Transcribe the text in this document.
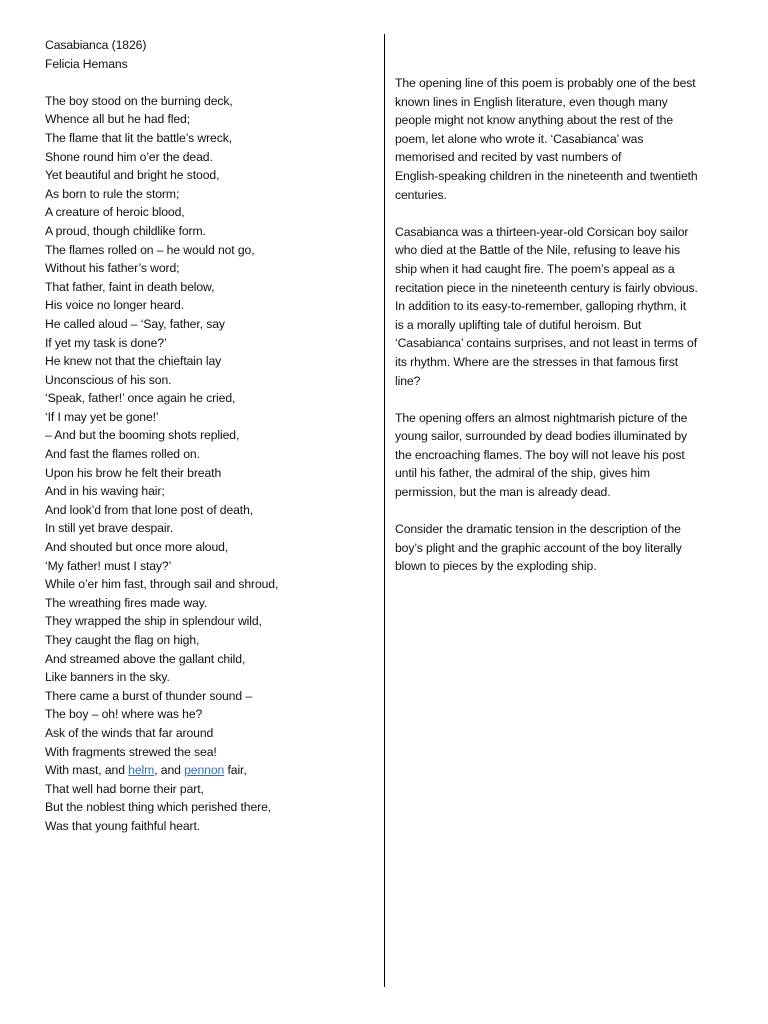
Casabianca (1826)
Felicia Hemans
The boy stood on the burning deck,
Whence all but he had fled;
The flame that lit the battle’s wreck,
Shone round him o’er the dead.
Yet beautiful and bright he stood,
As born to rule the storm;
A creature of heroic blood,
A proud, though childlike form.
The flames rolled on – he would not go,
Without his father’s word;
That father, faint in death below,
His voice no longer heard.
He called aloud – ‘Say, father, say
If yet my task is done?’
He knew not that the chieftain lay
Unconscious of his son.
‘Speak, father!’ once again he cried,
‘If I may yet be gone!’
– And but the booming shots replied,
And fast the flames rolled on.
Upon his brow he felt their breath
And in his waving hair;
And look’d from that lone post of death,
In still yet brave despair.
And shouted but once more aloud,
‘My father! must I stay?’
While o’er him fast, through sail and shroud,
The wreathing fires made way.
They wrapped the ship in splendour wild,
They caught the flag on high,
And streamed above the gallant child,
Like banners in the sky.
There came a burst of thunder sound –
The boy – oh! where was he?
Ask of the winds that far around
With fragments strewed the sea!
With mast, and helm, and pennon fair,
That well had borne their part,
But the noblest thing which perished there,
Was that young faithful heart.
The opening line of this poem is probably one of the best
known lines in English literature, even though many
people might not know anything about the rest of the
poem, let alone who wrote it. ‘Casabianca’ was
memorised and recited by vast numbers of
English-speaking children in the nineteenth and twentieth
centuries.
Casabianca was a thirteen-year-old Corsican boy sailor
who died at the Battle of the Nile, refusing to leave his
ship when it had caught fire. The poem’s appeal as a
recitation piece in the nineteenth century is fairly obvious.
In addition to its easy-to-remember, galloping rhythm, it
is a morally uplifting tale of dutiful heroism. But
‘Casabianca’ contains surprises, and not least in terms of
its rhythm. Where are the stresses in that famous first
line?
The opening offers an almost nightmarish picture of the
young sailor, surrounded by dead bodies illuminated by
the encroaching flames. The boy will not leave his post
until his father, the admiral of the ship, gives him
permission, but the man is already dead.
Consider the dramatic tension in the description of the
boy’s plight and the graphic account of the boy literally
blown to pieces by the exploding ship.
